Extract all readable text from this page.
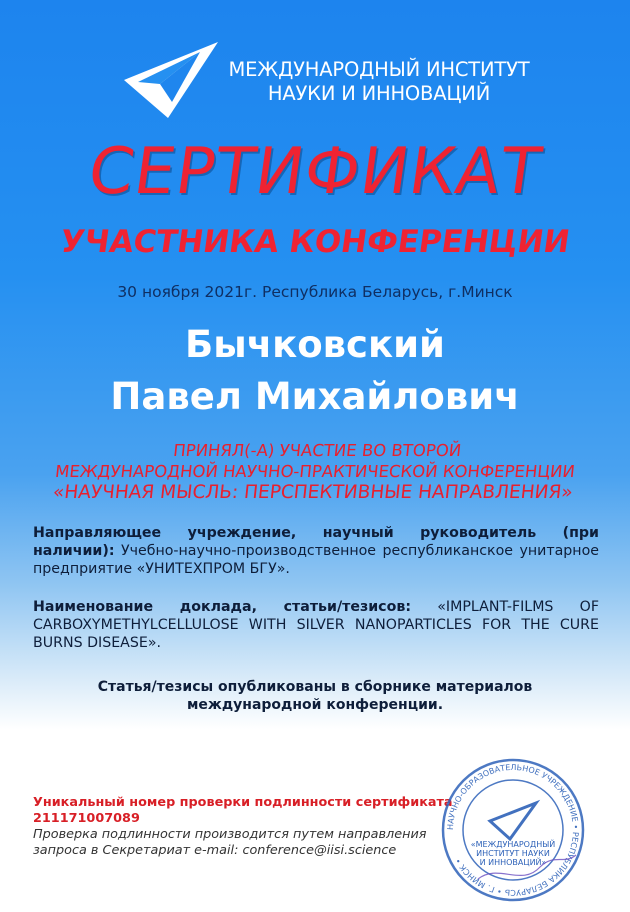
МЕЖДУНАРОДНЫЙ ИНСТИТУТ
НАУКИ И ИННОВАЦИЙ
СЕРТИФИКАТ
УЧАСТНИКА КОНФЕРЕНЦИИ
30 ноября 2021г. Республика Беларусь, г.Минск
Бычковский
Павел Михайлович
ПРИНЯЛ(-А) УЧАСТИЕ ВО ВТОРОЙ
МЕЖДУНАРОДНОЙ НАУЧНО-ПРАКТИЧЕСКОЙ КОНФЕРЕНЦИИ
«НАУЧНАЯ МЫСЛЬ: ПЕРСПЕКТИВНЫЕ НАПРАВЛЕНИЯ»

Направляющее учреждение, научный руководитель (при наличии): Учебно-научно-производственное республиканское унитарное предприятие «УНИТЕХПРОМ БГУ».

Наименование доклада, статьи/тезисов: «IMPLANT-FILMS OF CARBOXYMETHYLCELLULOSE WITH SILVER NANOPARTICLES FOR THE CURE BURNS DISEASE».

Статья/тезисы опубликованы в сборнике материалов
международной конференции.
Уникальный номер проверки подлинности сертификата
211171007089
Проверка подлинности производится путем направления
запроса в Секретариат e-mail: conference@iisi.science
НАУЧНО-ОБРАЗОВАТЕЛЬНОЕ УЧРЕЖДЕНИЕ • РЕСПУБЛИКА БЕЛАРУСЬ • Г. МИНСК •
«МЕЖДУНАРОДНЫЙ
ИНСТИТУТ НАУКИ
И ИННОВАЦИЙ»
